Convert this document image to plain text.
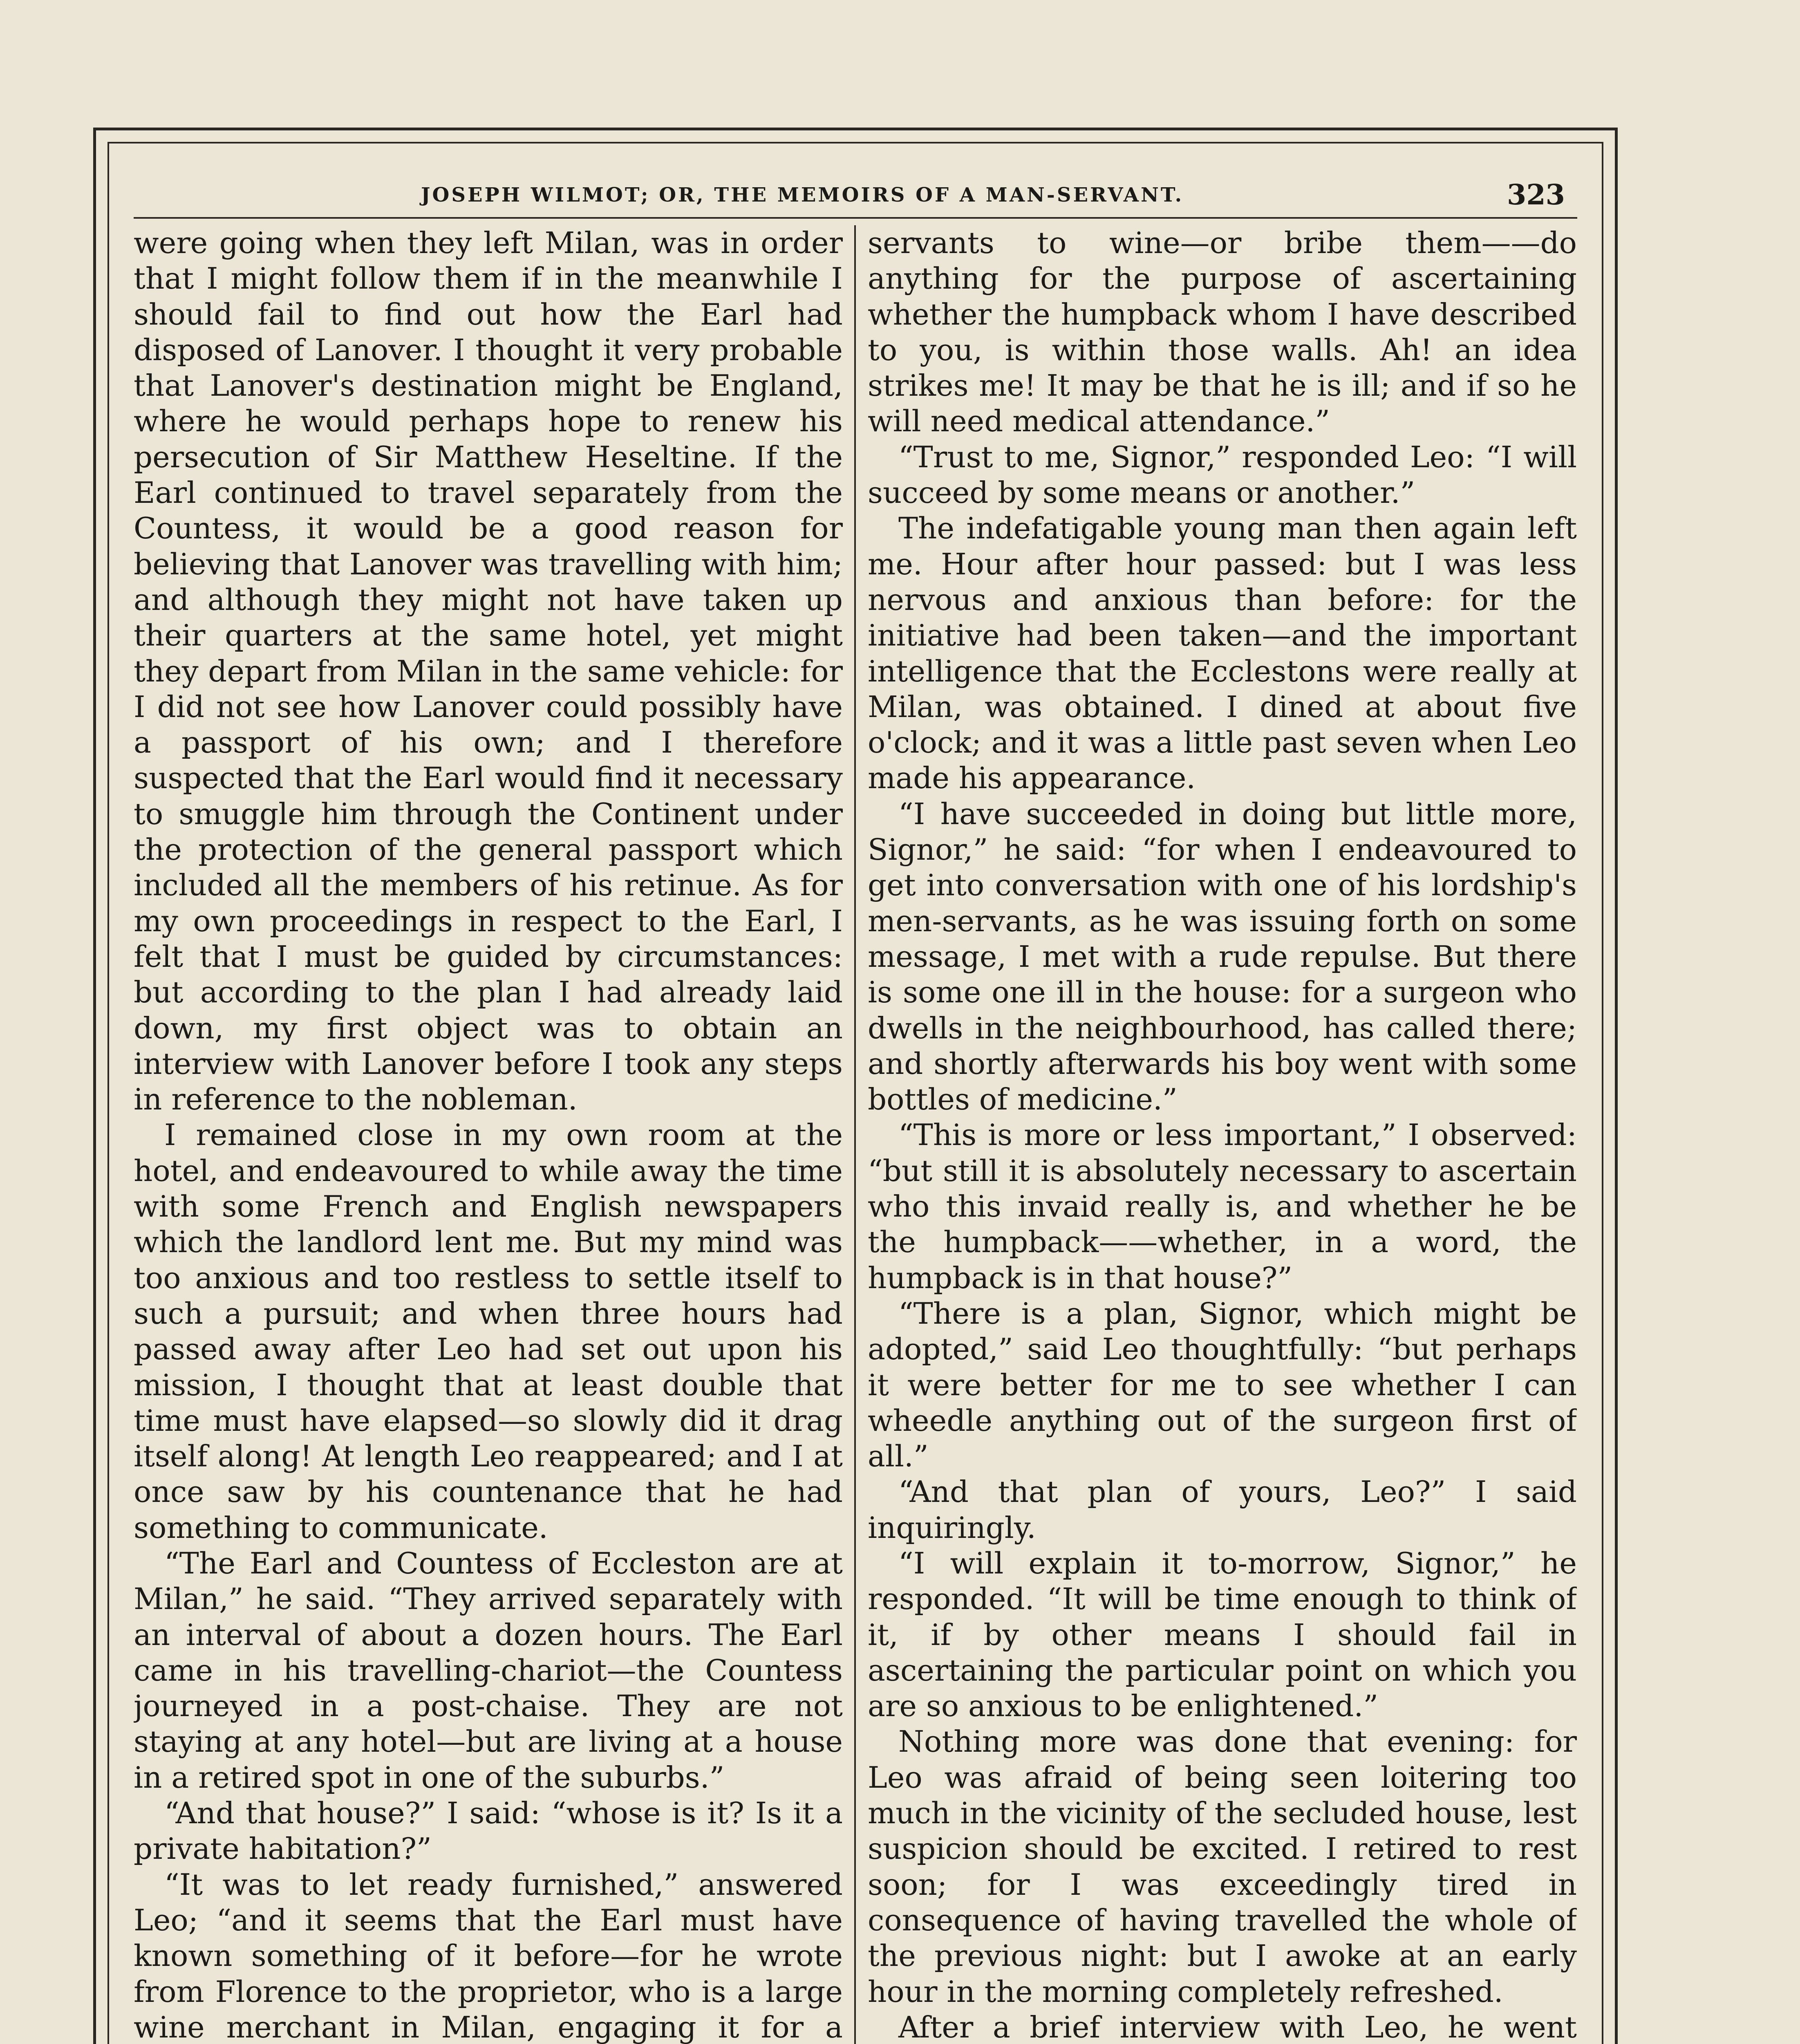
JOSEPH WILMOT; OR, THE MEMOIRS OF A MAN-SERVANT.	323

were going when they left Milan, was in order that I might follow them if in the meanwhile I should fail to find out how the Earl had disposed of Lanover. I thought it very probable that Lanover's destination might be England, where he would perhaps hope to renew his persecution of Sir Matthew Heseltine. If the Earl continued to travel separately from the Countess, it would be a good reason for believing that Lanover was travelling with him; and although they might not have taken up their quarters at the same hotel, yet might they depart from Milan in the same vehicle: for I did not see how Lanover could possibly have a passport of his own; and I therefore suspected that the Earl would find it necessary to smuggle him through the Continent under the protection of the general passport which included all the members of his retinue. As for my own proceedings in respect to the Earl, I felt that I must be guided by circumstances: but according to the plan I had already laid down, my first object was to obtain an interview with Lanover before I took any steps in reference to the nobleman.

I remained close in my own room at the hotel, and endeavoured to while away the time with some French and English newspapers which the landlord lent me. But my mind was too anxious and too restless to settle itself to such a pursuit; and when three hours had passed away after Leo had set out upon his mission, I thought that at least double that time must have elapsed—so slowly did it drag itself along! At length Leo reappeared; and I at once saw by his countenance that he had something to communicate.

“The Earl and Countess of Eccleston are at Milan,” he said. “They arrived separately with an interval of about a dozen hours. The Earl came in his travelling-chariot—the Countess journeyed in a post-chaise. They are not staying at any hotel—but are living at a house in a retired spot in one of the suburbs.”

“And that house?” I said: “whose is it? Is it a private habitation?”

“It was to let ready furnished,” answered Leo; “and it seems that the Earl must have known something of it before—for he wrote from Florence to the proprietor, who is a large wine merchant in Milan, engaging it for a

servants to wine—or bribe them——do anything for the purpose of ascertaining whether the humpback whom I have described to you, is within those walls. Ah! an idea strikes me! It may be that he is ill; and if so he will need medical attendance.”

“Trust to me, Signor,” responded Leo: “I will succeed by some means or another.”

The indefatigable young man then again left me. Hour after hour passed: but I was less nervous and anxious than before: for the initiative had been taken—and the important intelligence that the Ecclestons were really at Milan, was obtained. I dined at about five o'clock; and it was a little past seven when Leo made his appearance.

“I have succeeded in doing but little more, Signor,” he said: “for when I endeavoured to get into conversation with one of his lordship's men-servants, as he was issuing forth on some message, I met with a rude repulse. But there is some one ill in the house: for a surgeon who dwells in the neighbourhood, has called there; and shortly afterwards his boy went with some bottles of medicine.”

“This is more or less important,” I observed: “but still it is absolutely necessary to ascertain who this invaid really is, and whether he be the humpback——whether, in a word, the humpback is in that house?”

“There is a plan, Signor, which might be adopted,” said Leo thoughtfully: “but perhaps it were better for me to see whether I can wheedle anything out of the surgeon first of all.”

“And that plan of yours, Leo?” I said inquiringly.

“I will explain it to-morrow, Signor,” he responded. “It will be time enough to think of it, if by other means I should fail in ascertaining the particular point on which you are so anxious to be enlightened.”

Nothing more was done that evening: for Leo was afraid of being seen loitering too much in the vicinity of the secluded house, lest suspicion should be excited. I retired to rest soon; for I was exceedingly tired in consequence of having travelled the whole of the previous night: but I awoke at an early hour in the morning completely refreshed.

After a brief interview with Leo, he went
